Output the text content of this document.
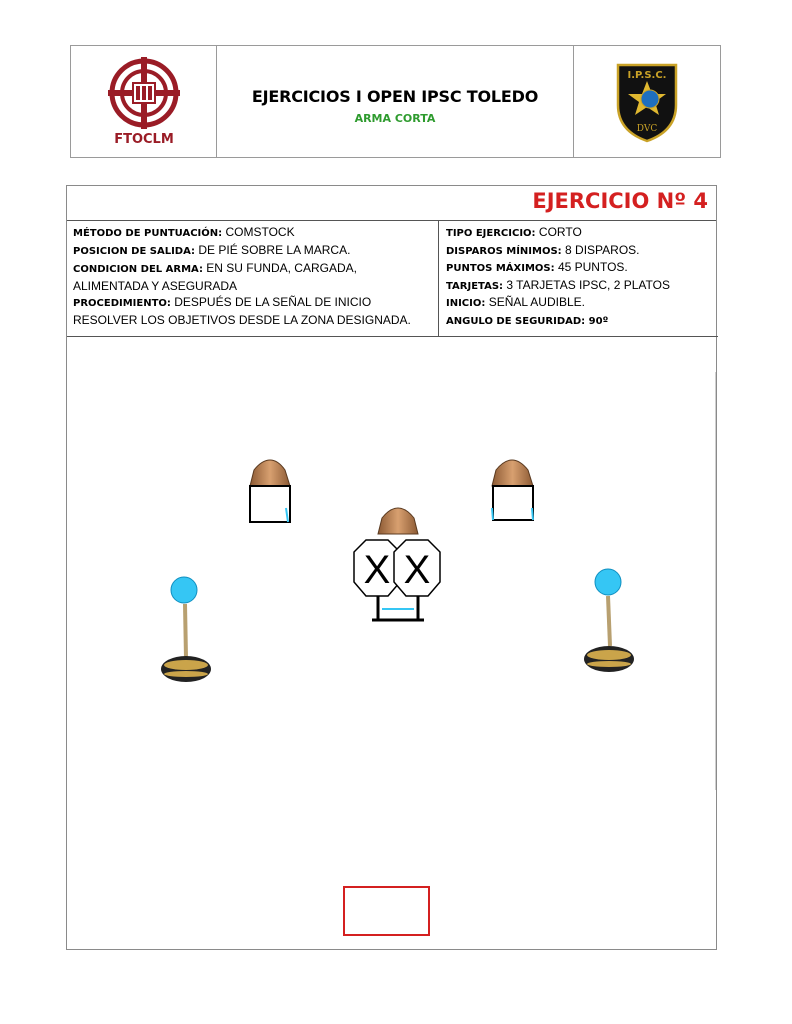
FTOCLM
EJERCICIOS I OPEN IPSC TOLEDO
ARMA CORTA
I.P.S.C.
DVC
EJERCICIO Nº 4
MÉTODO DE PUNTUACIÓN: COMSTOCK
POSICION DE SALIDA: DE PIÉ SOBRE LA MARCA.
CONDICION DEL ARMA: EN SU FUNDA, CARGADA, ALIMENTADA Y ASEGURADA
PROCEDIMIENTO: DESPUÉS DE LA SEÑAL DE INICIO RESOLVER LOS OBJETIVOS DESDE LA ZONA DESIGNADA.
TIPO EJERCICIO: CORTO
DISPAROS MÍNIMOS: 8 DISPAROS.
PUNTOS MÁXIMOS: 45 PUNTOS.
TARJETAS: 3 TARJETAS IPSC, 2 PLATOS
INICIO: SEÑAL AUDIBLE.
ANGULO DE SEGURIDAD: 90º
X X
